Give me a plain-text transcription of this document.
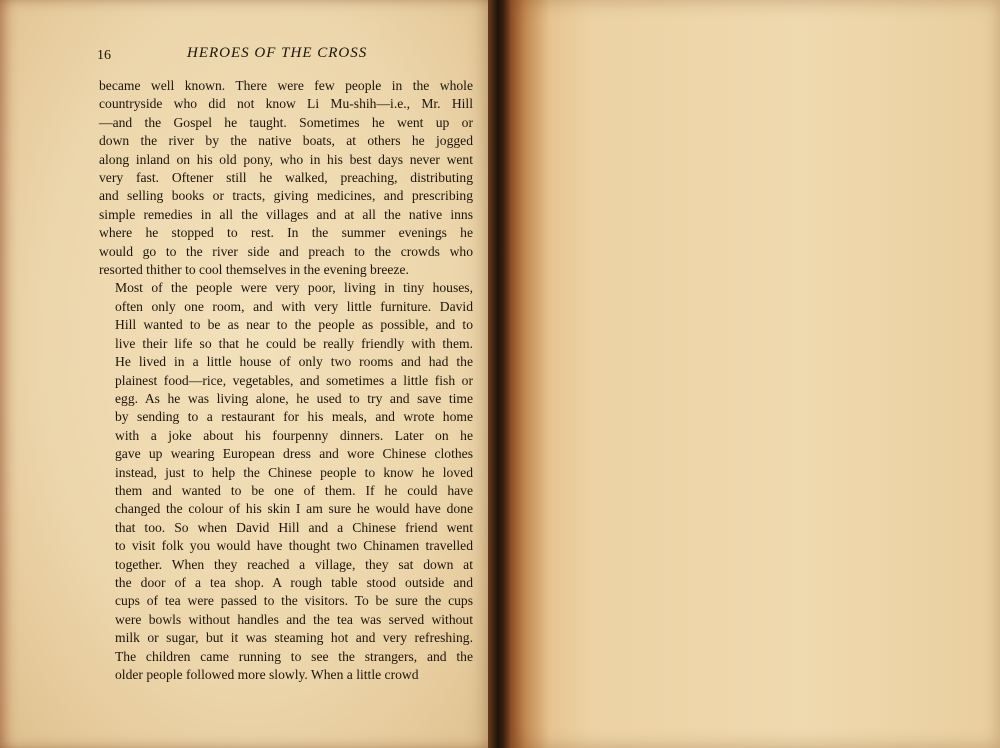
16	HEROES OF THE CROSS

became well known. There were few people in the whole
countryside who did not know Li Mu-shih—i.e., Mr. Hill
—and the Gospel he taught. Sometimes he went up or
down the river by the native boats, at others he jogged
along inland on his old pony, who in his best days never went
very fast. Oftener still he walked, preaching, distributing
and selling books or tracts, giving medicines, and prescribing
simple remedies in all the villages and at all the native inns
where he stopped to rest. In the summer evenings he
would go to the river side and preach to the crowds who
resorted thither to cool themselves in the evening breeze.

Most of the people were very poor, living in tiny houses,
often only one room, and with very little furniture. David
Hill wanted to be as near to the people as possible, and to
live their life so that he could be really friendly with them.
He lived in a little house of only two rooms and had the
plainest food—rice, vegetables, and sometimes a little fish or
egg. As he was living alone, he used to try and save time
by sending to a restaurant for his meals, and wrote home
with a joke about his fourpenny dinners. Later on he
gave up wearing European dress and wore Chinese clothes
instead, just to help the Chinese people to know he loved
them and wanted to be one of them. If he could have
changed the colour of his skin I am sure he would have done
that too. So when David Hill and a Chinese friend went
to visit folk you would have thought two Chinamen travelled
together. When they reached a village, they sat down at
the door of a tea shop. A rough table stood outside and
cups of tea were passed to the visitors. To be sure the cups
were bowls without handles and the tea was served without
milk or sugar, but it was steaming hot and very refreshing.
The children came running to see the strangers, and the
older people followed more slowly. When a little crowd
